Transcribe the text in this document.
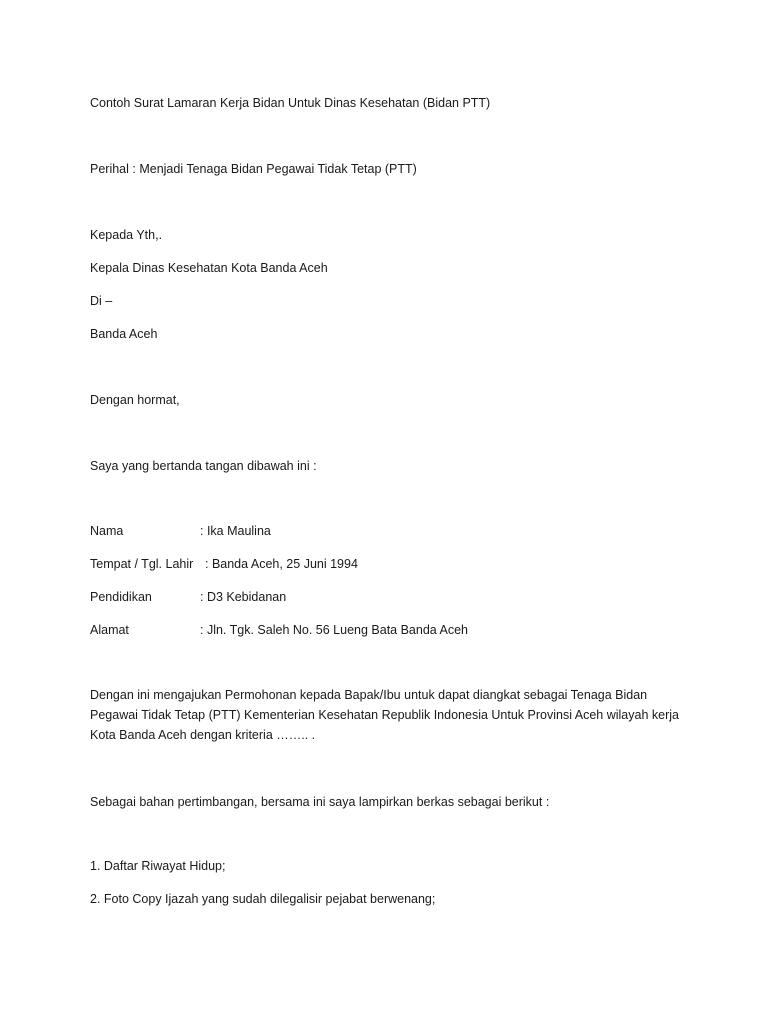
Contoh Surat Lamaran Kerja Bidan Untuk Dinas Kesehatan (Bidan PTT)
Perihal : Menjadi Tenaga Bidan Pegawai Tidak Tetap (PTT)
Kepada Yth,.
Kepala Dinas Kesehatan Kota Banda Aceh
Di –
Banda Aceh
Dengan hormat,
Saya yang bertanda tangan dibawah ini :
Nama	: Ika Maulina
Tempat / Tgl. Lahir : Banda Aceh, 25 Juni 1994
Pendidikan	: D3 Kebidanan
Alamat	: Jln. Tgk. Saleh No. 56 Lueng Bata Banda Aceh
Dengan ini mengajukan Permohonan kepada Bapak/Ibu untuk dapat diangkat sebagai Tenaga Bidan Pegawai Tidak Tetap (PTT) Kementerian Kesehatan Republik Indonesia Untuk Provinsi Aceh wilayah kerja Kota Banda Aceh dengan kriteria …….. .
Sebagai bahan pertimbangan, bersama ini saya lampirkan berkas sebagai berikut :
1. Daftar Riwayat Hidup;
2. Foto Copy Ijazah yang sudah dilegalisir pejabat berwenang;
